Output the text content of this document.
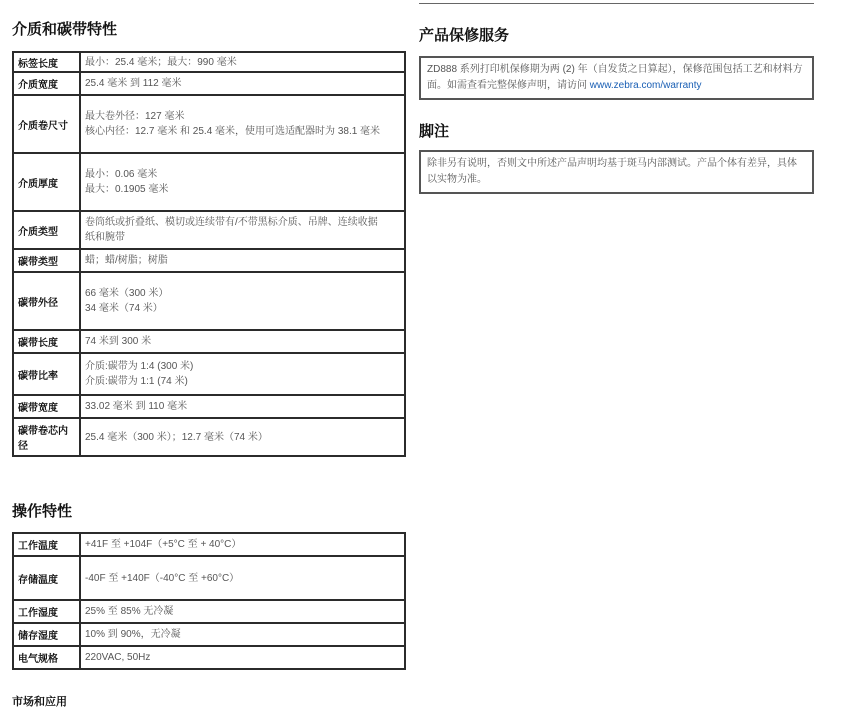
介质和碳带特性
标签长度	最小：25.4 毫米；最大：990 毫米

介质宽度	25.4 毫米 到 112 毫米

介质卷尺寸	最大卷外径：127 毫米
核心内径：12.7 毫米 和 25.4 毫米，使用可选适配器时为 38.1 毫米

介质厚度	最小：0.06 毫米
最大：0.1905 毫米

介质类型	卷筒纸或折叠纸、模切或连续带有/不带黑标介质、吊牌、连续收据
纸和腕带

碳带类型	蜡；蜡/树脂；树脂

碳带外径	66 毫米（300 米）
34 毫米（74 米）

碳带长度	74 米到 300 米

碳带比率	介质:碳带为 1:4 (300 米)
介质:碳带为 1:1 (74 米)

碳带宽度	33.02 毫米 到 110 毫米

碳带卷芯内径	25.4 毫米（300 米）；12.7 毫米（74 米）
操作特性
工作温度	+41F 至 +104F（+5°C 至 + 40°C）

存储温度	-40F 至 +140F（-40°C 至 +60°C）

工作湿度	25% 至 85% 无冷凝

储存湿度	10% 到 90%，无冷凝

电气规格	220VAC, 50Hz
市场和应用
产品保修服务
ZD888 系列打印机保修期为两 (2) 年（自发货之日算起），保修范围包括工艺和材料方面。如需查看完整保修声明，请访问 www.zebra.com/warranty
脚注
除非另有说明，否则文中所述产品声明均基于斑马内部测试。产品个体有差异，具体以实物为准。
